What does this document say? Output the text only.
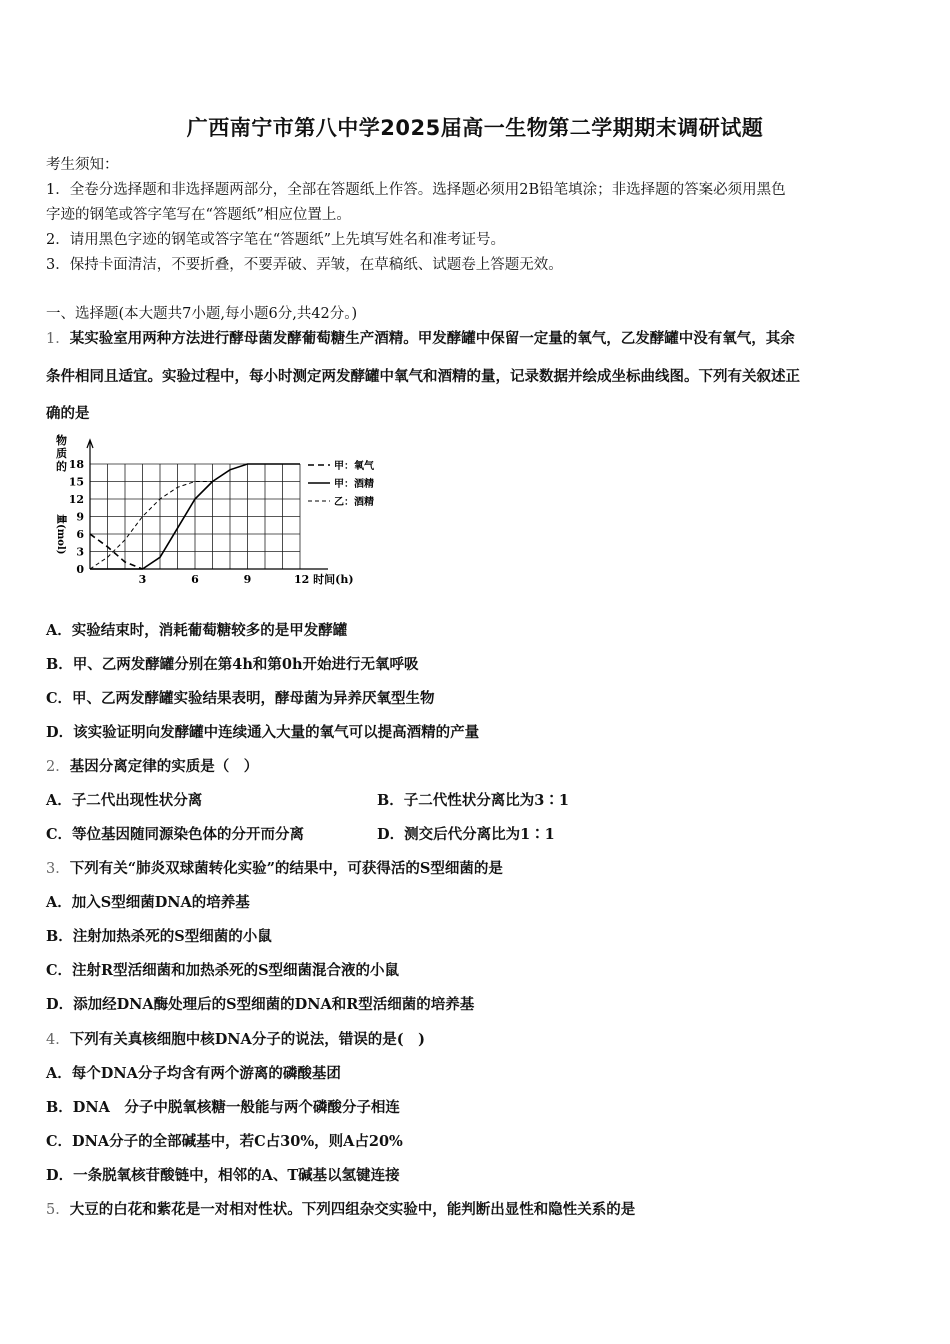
广西南宁市第八中学2025届高一生物第二学期期末调研试题
考生须知：
1．全卷分选择题和非选择题两部分，全部在答题纸上作答。选择题必须用2B铅笔填涂；非选择题的答案必须用黑色
字迹的钢笔或答字笔写在“答题纸”相应位置上。
2．请用黑色字迹的钢笔或答字笔在“答题纸”上先填写姓名和准考证号。
3．保持卡面清洁，不要折叠，不要弄破、弄皱，在草稿纸、试题卷上答题无效。
一、选择题(本大题共7小题,每小题6分,共42分。)
1．某实验室用两种方法进行酵母菌发酵葡萄糖生产酒精。甲发酵罐中保留一定量的氧气，乙发酵罐中没有氧气，其余
条件相同且适宜。实验过程中，每小时测定两发酵罐中氧气和酒精的量，记录数据并绘成坐标曲线图。下列有关叙述正
确的是
0
3
6
9
12
15
18
3	6	9
物质的
12 时间(h)
甲：氧气
甲：酒精
乙：酒精
量(mol)
A．实验结束时，消耗葡萄糖较多的是甲发酵罐
B．甲、乙两发酵罐分别在第4h和第0h开始进行无氧呼吸
C．甲、乙两发酵罐实验结果表明，酵母菌为异养厌氧型生物
D．该实验证明向发酵罐中连续通入大量的氧气可以提高酒精的产量
2．基因分离定律的实质是（　）
A．子二代出现性状分离	B．子二代性状分离比为3∶1
C．等位基因随同源染色体的分开而分离	D．测交后代分离比为1∶1
3．下列有关“肺炎双球菌转化实验”的结果中，可获得活的S型细菌的是
A．加入S型细菌DNA的培养基
B．注射加热杀死的S型细菌的小鼠
C．注射R型活细菌和加热杀死的S型细菌混合液的小鼠
D．添加经DNA酶处理后的S型细菌的DNA和R型活细菌的培养基
4．下列有关真核细胞中核DNA分子的说法，错误的是(　)
A．每个DNA分子均含有两个游离的磷酸基团
B．DNA　分子中脱氧核糖一般能与两个磷酸分子相连
C．DNA分子的全部碱基中，若C占30%，则A占20%
D．一条脱氧核苷酸链中，相邻的A、T碱基以氢键连接
5．大豆的白花和紫花是一对相对性状。下列四组杂交实验中，能判断出显性和隐性关系的是
